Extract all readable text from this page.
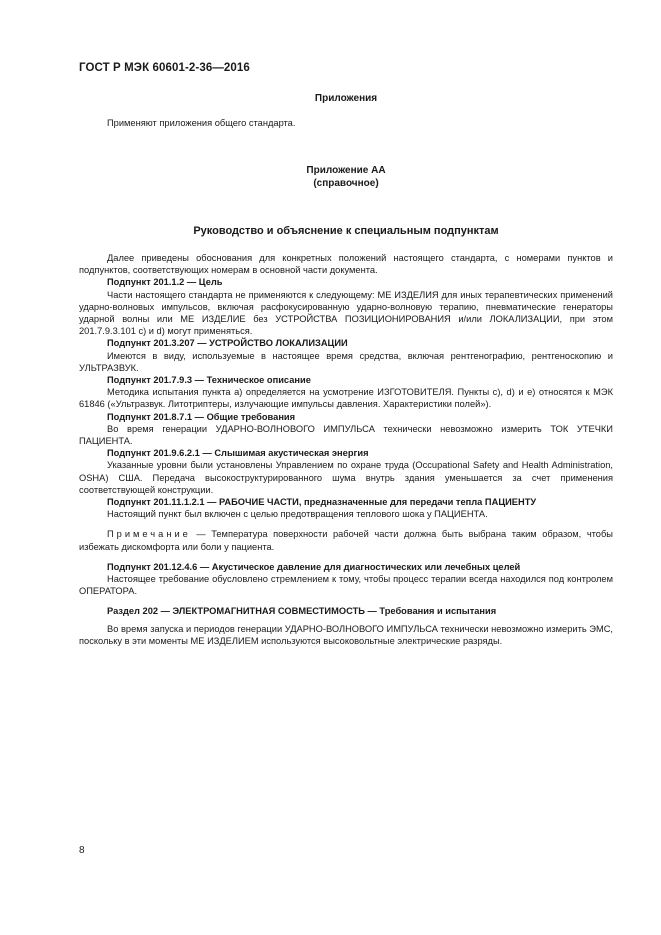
ГОСТ Р МЭК 60601-2-36—2016
Приложения

Применяют приложения общего стандарта.

Приложение АА
(справочное)
Руководство и объяснение к специальным подпунктам

Далее приведены обоснования для конкретных положений настоящего стандарта, с номерами пунктов и подпунктов, соответствующих номерам в основной части документа.

Подпункт 201.1.2 — Цель

Части настоящего стандарта не применяются к следующему: МЕ ИЗДЕЛИЯ для иных терапевтических применений ударно-волновых импульсов, включая расфокусированную ударно-волновую терапию, пневматические генераторы ударной волны или МЕ ИЗДЕЛИЕ без УСТРОЙСТВА ПОЗИЦИОНИРОВАНИЯ и/или ЛОКАЛИЗАЦИИ, при этом 201.7.9.3.101 c) и d) могут применяться.

Подпункт 201.3.207 — УСТРОЙСТВО ЛОКАЛИЗАЦИИ

Имеются в виду, используемые в настоящее время средства, включая рентгенографию, рентгеноскопию и УЛЬТРАЗВУК.

Подпункт 201.7.9.3 — Техническое описание

Методика испытания пункта а) определяется на усмотрение ИЗГОТОВИТЕЛЯ. Пункты с), d) и е) относятся к МЭК 61846 («Ультразвук. Литотриптеры, излучающие импульсы давления. Характеристики полей»).

Подпункт 201.8.7.1 — Общие требования

Во время генерации УДАРНО-ВОЛНОВОГО ИМПУЛЬСА технически невозможно измерить ТОК УТЕЧКИ ПАЦИЕНТА.

Подпункт 201.9.6.2.1 — Слышимая акустическая энергия

Указанные уровни были установлены Управлением по охране труда (Occupational Safety and Health Administration, OSHA) США. Передача высокоструктурированного шума внутрь здания уменьшается за счет применения соответствующей конструкции.

Подпункт 201.11.1.2.1 — РАБОЧИЕ ЧАСТИ, предназначенные для передачи тепла ПАЦИЕНТУ

Настоящий пункт был включен с целью предотвращения теплового шока у ПАЦИЕНТА.

Примечание — Температура поверхности рабочей части должна быть выбрана таким образом, чтобы избежать дискомфорта или боли у пациента.

Подпункт 201.12.4.6 — Акустическое давление для диагностических или лечебных целей

Настоящее требование обусловлено стремлением к тому, чтобы процесс терапии всегда находился под контролем ОПЕРАТОРА.

Раздел 202 — ЭЛЕКТРОМАГНИТНАЯ СОВМЕСТИМОСТЬ — Требования и испытания

Во время запуска и периодов генерации УДАРНО-ВОЛНОВОГО ИМПУЛЬСА технически невозможно измерить ЭМС, поскольку в эти моменты МЕ ИЗДЕЛИЕМ используются высоковольтные электрические разряды.

8
